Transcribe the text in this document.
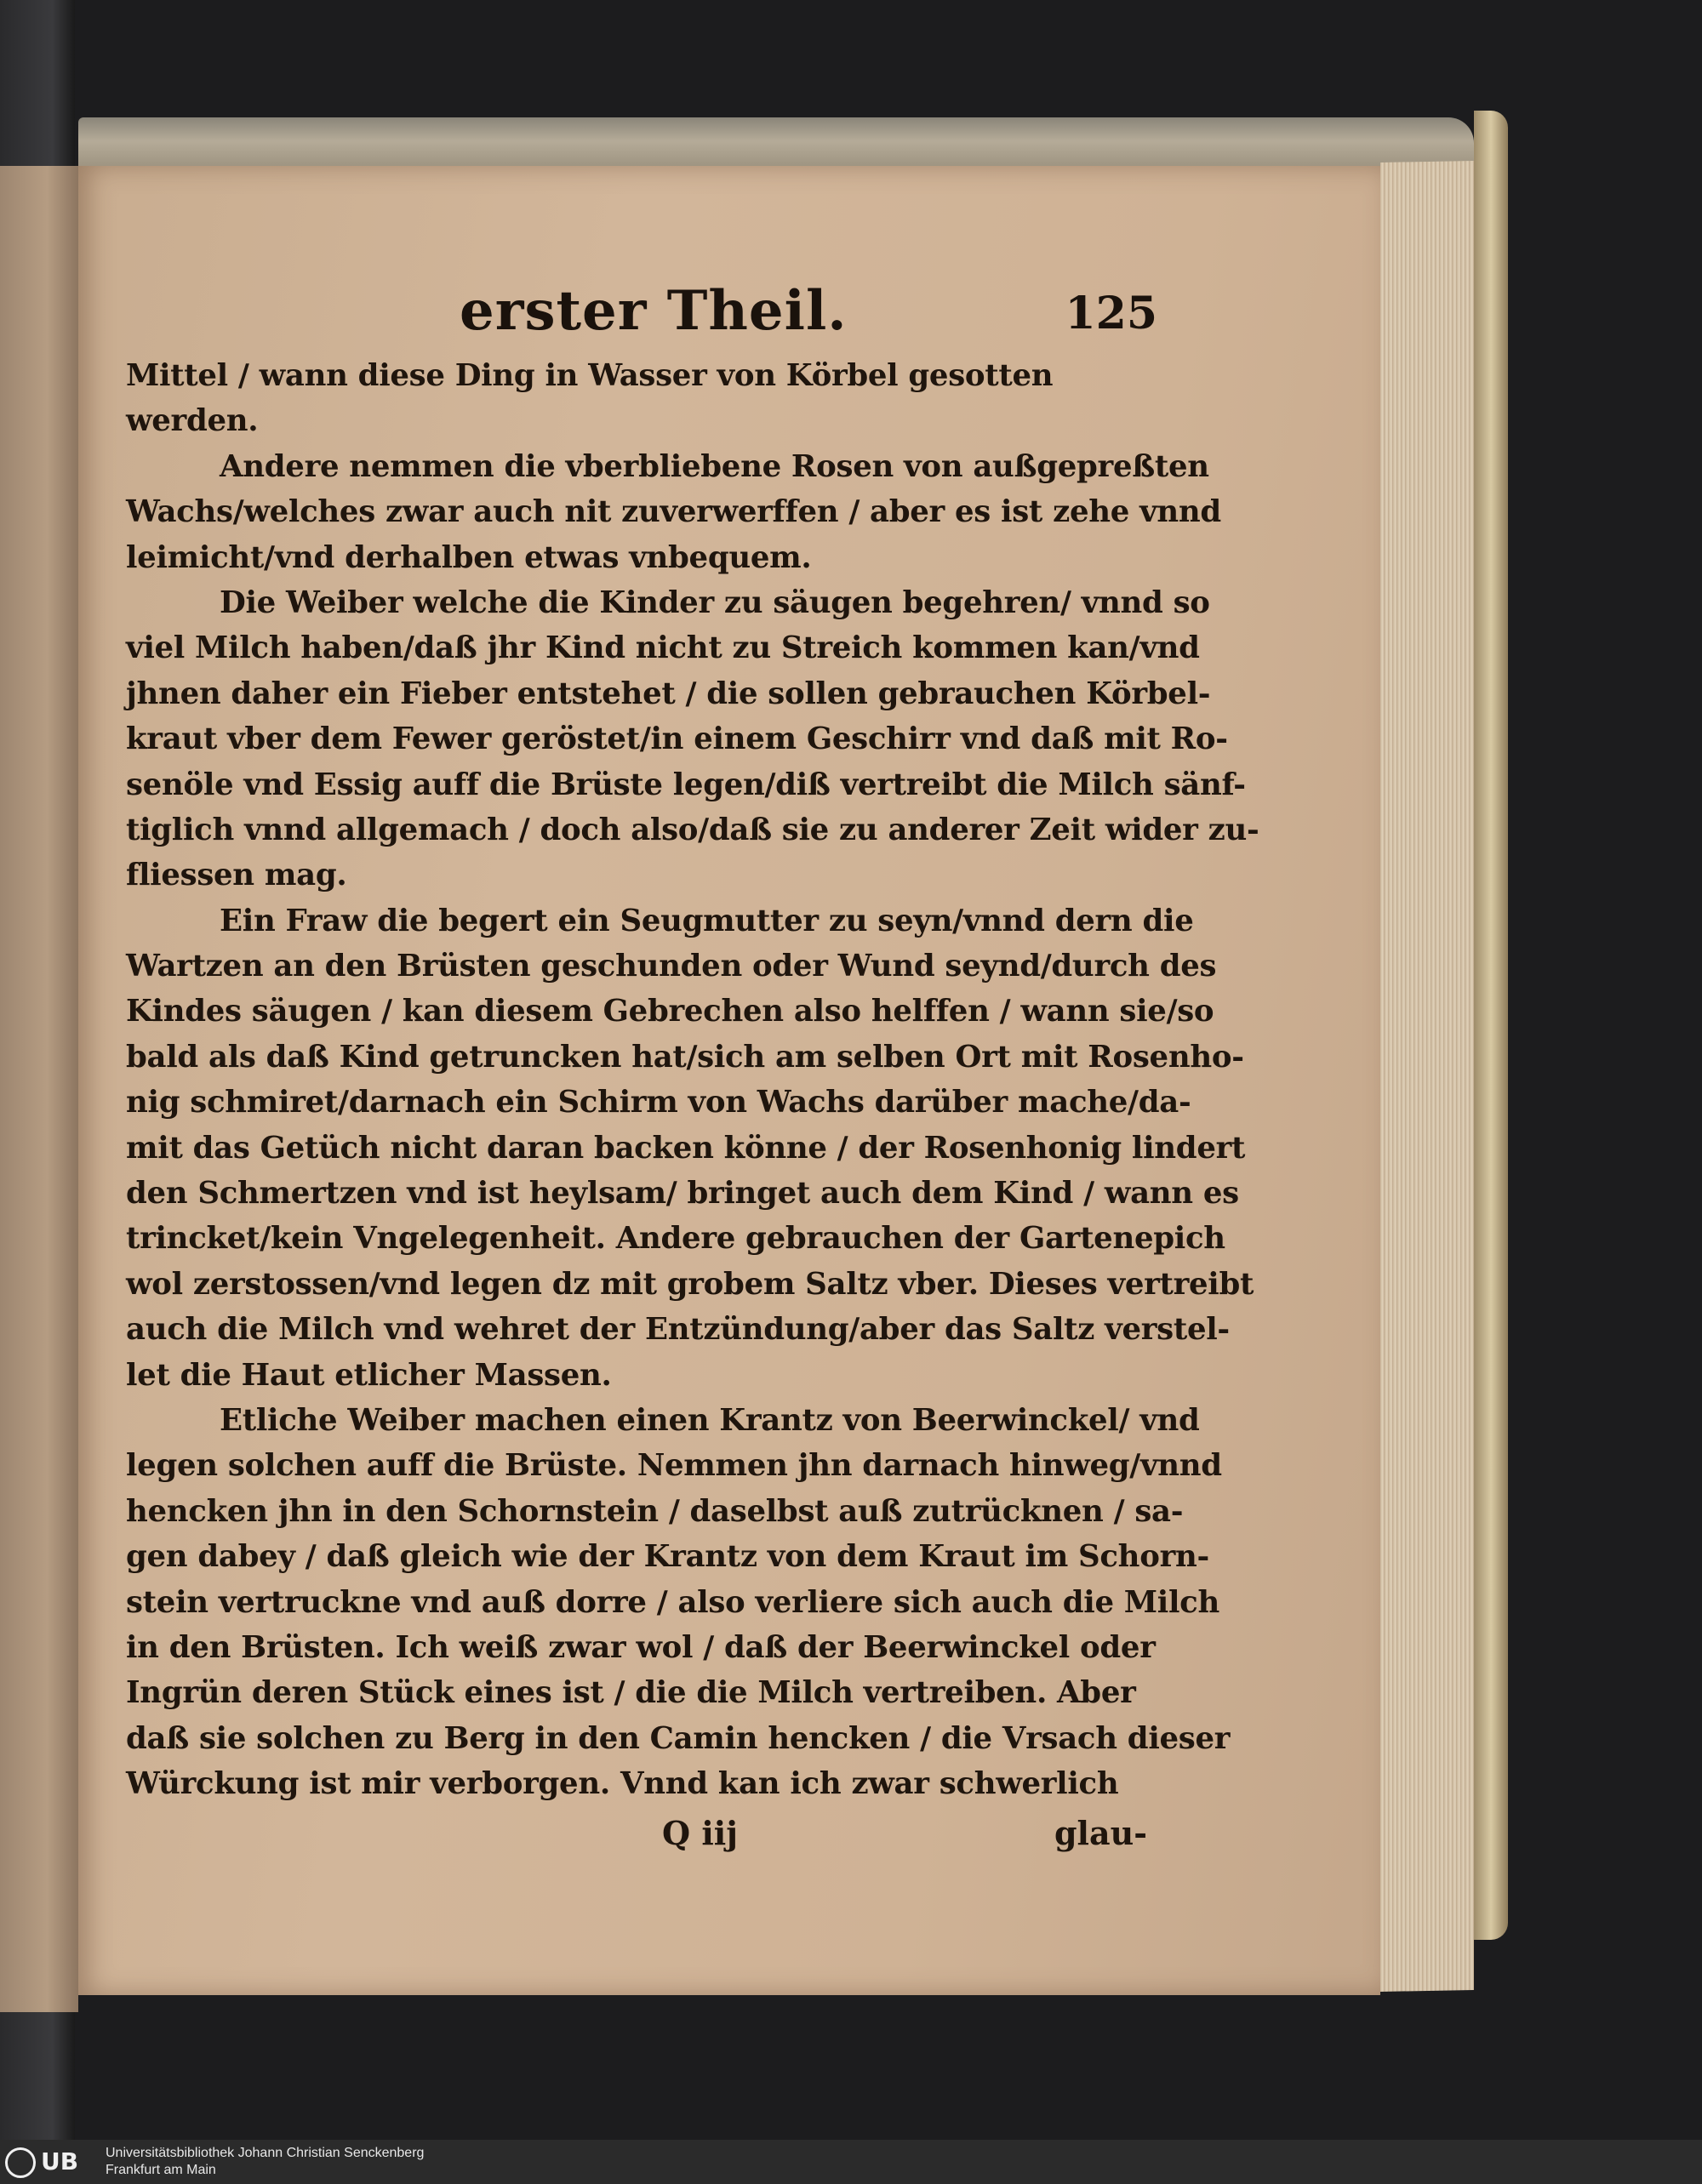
erster Theil.	125
Mittel / wann diese Ding in Wasser von Körbel gesotten
werden.
Andere nemmen die vberbliebene Rosen von außgepreßten
Wachs/welches zwar auch nit zuverwerffen / aber es ist zehe vnnd
leimicht/vnd derhalben etwas vnbequem.
Die Weiber welche die Kinder zu säugen begehren/ vnnd so
viel Milch haben/daß jhr Kind nicht zu Streich kommen kan/vnd
jhnen daher ein Fieber entstehet / die sollen gebrauchen Körbel-
kraut vber dem Fewer geröstet/in einem Geschirr vnd daß mit Ro-
senöle vnd Essig auff die Brüste legen/diß vertreibt die Milch sänf-
tiglich vnnd allgemach / doch also/daß sie zu anderer Zeit wider zu-
fliessen mag.
Ein Fraw die begert ein Seugmutter zu seyn/vnnd dern die
Wartzen an den Brüsten geschunden oder Wund seynd/durch des
Kindes säugen / kan diesem Gebrechen also helffen / wann sie/so
bald als daß Kind getruncken hat/sich am selben Ort mit Rosenho-
nig schmiret/darnach ein Schirm von Wachs darüber mache/da-
mit das Getüch nicht daran backen könne / der Rosenhonig lindert
den Schmertzen vnd ist heylsam/ bringet auch dem Kind / wann es
trincket/kein Vngelegenheit. Andere gebrauchen der Gartenepich
wol zerstossen/vnd legen dz mit grobem Saltz vber. Dieses vertreibt
auch die Milch vnd wehret der Entzündung/aber das Saltz verstel-
let die Haut etlicher Massen.
Etliche Weiber machen einen Krantz von Beerwinckel/ vnd
legen solchen auff die Brüste. Nemmen jhn darnach hinweg/vnnd
hencken jhn in den Schornstein / daselbst auß zutrücknen / sa-
gen dabey / daß gleich wie der Krantz von dem Kraut im Schorn-
stein vertruckne vnd auß dorre / also verliere sich auch die Milch
in den Brüsten. Ich weiß zwar wol / daß der Beerwinckel oder
Ingrün deren Stück eines ist / die die Milch vertreiben. Aber
daß sie solchen zu Berg in den Camin hencken / die Vrsach dieser
Würckung ist mir verborgen. Vnnd kan ich zwar schwerlich
Q iij	glau-
UB	Universitätsbibliothek Johann Christian Senckenberg
Frankfurt am Main
